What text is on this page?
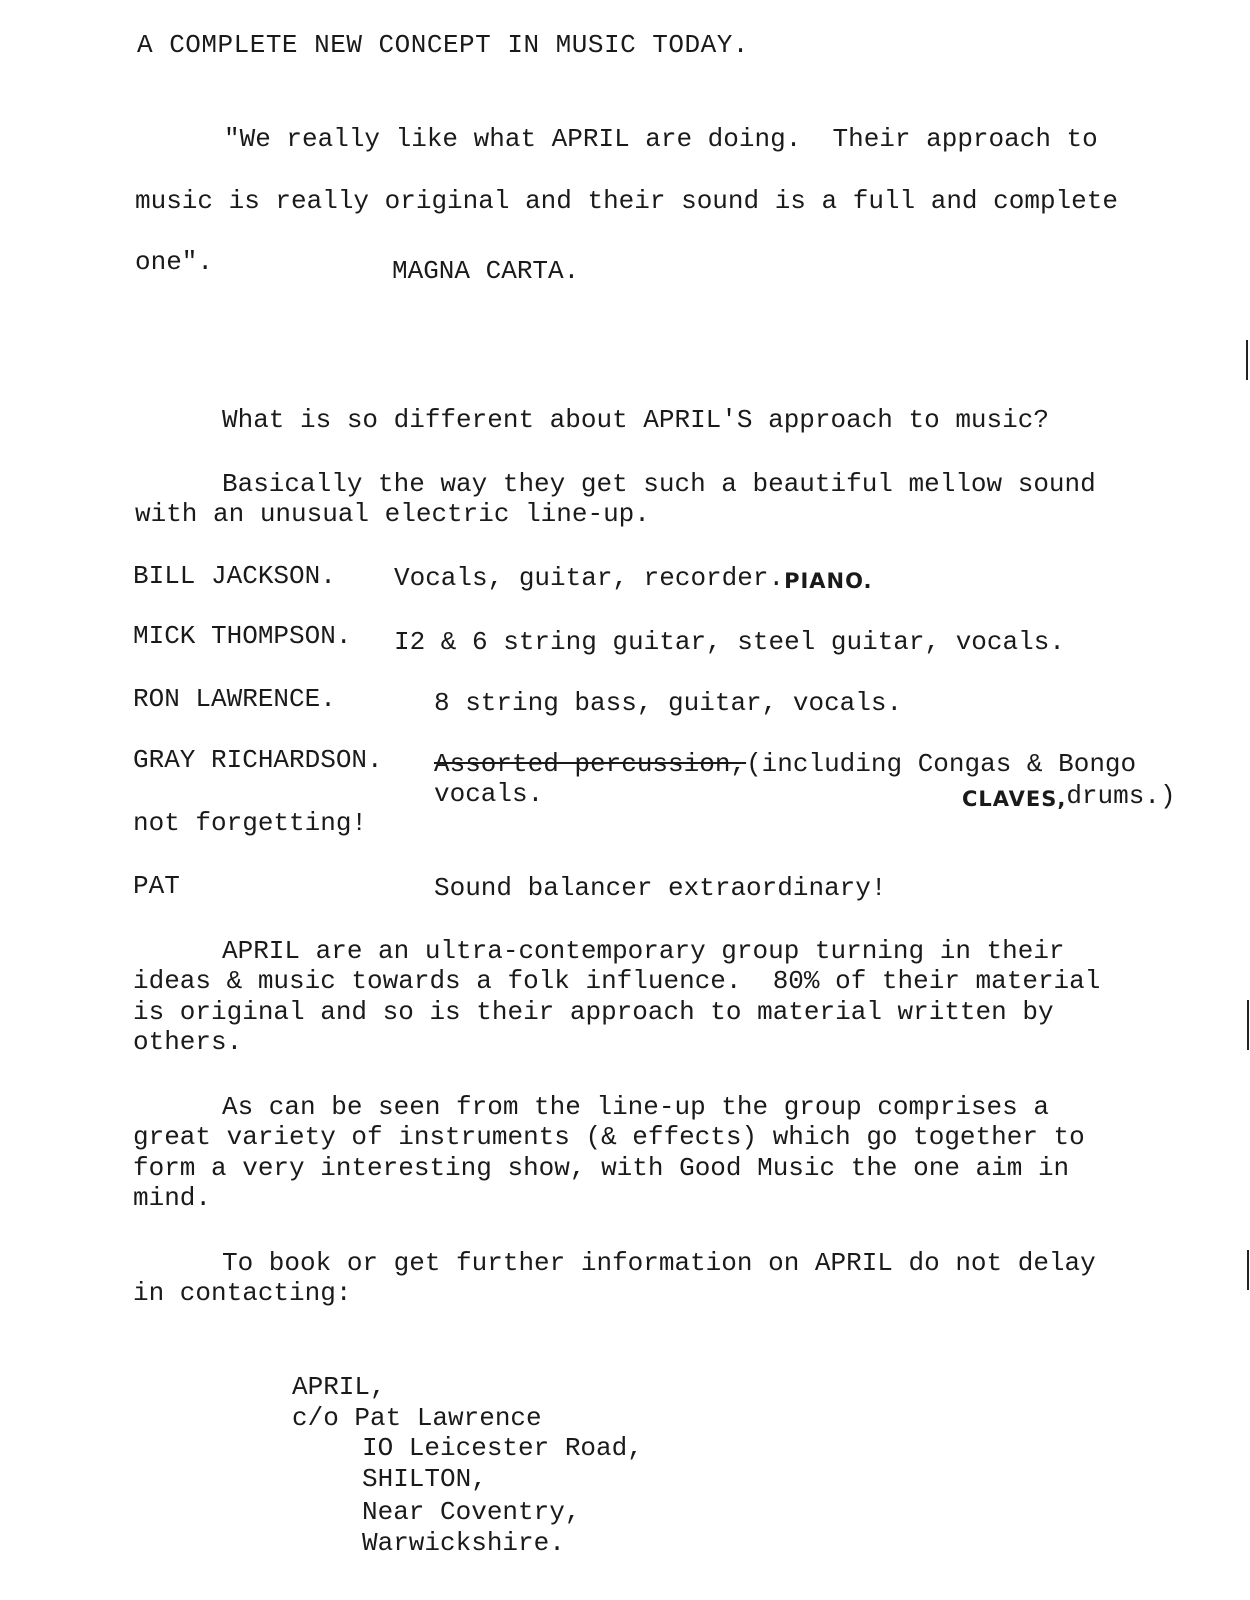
A COMPLETE NEW CONCEPT IN MUSIC TODAY.
"We really like what APRIL are doing.  Their approach to
music is really original and their sound is a full and complete
one".	MAGNA CARTA.
What is so different about APRIL'S approach to music?
Basically the way they get such a beautiful mellow sound
with an unusual electric line-up.
BILL JACKSON. Vocals, guitar, recorder.PIANO.
MICK THOMPSON. I2 & 6 string guitar, steel guitar, vocals.
RON LAWRENCE.	8 string bass, guitar, vocals.
GRAY RICHARDSON. Assorted percussion,(including Congas & Bongo
vocals.	CLAVES,drums.)
not forgetting!
PAT	Sound balancer extraordinary!
APRIL are an ultra-contemporary group turning in their
ideas & music towards a folk influence.  80% of their material
is original and so is their approach to material written by
others.
As can be seen from the line-up the group comprises a
great variety of instruments (& effects) which go together to
form a very interesting show, with Good Music the one aim in
mind.
To book or get further information on APRIL do not delay
in contacting:
APRIL,
c/o Pat Lawrence
IO Leicester Road,
SHILTON,
Near Coventry,
Warwickshire.
